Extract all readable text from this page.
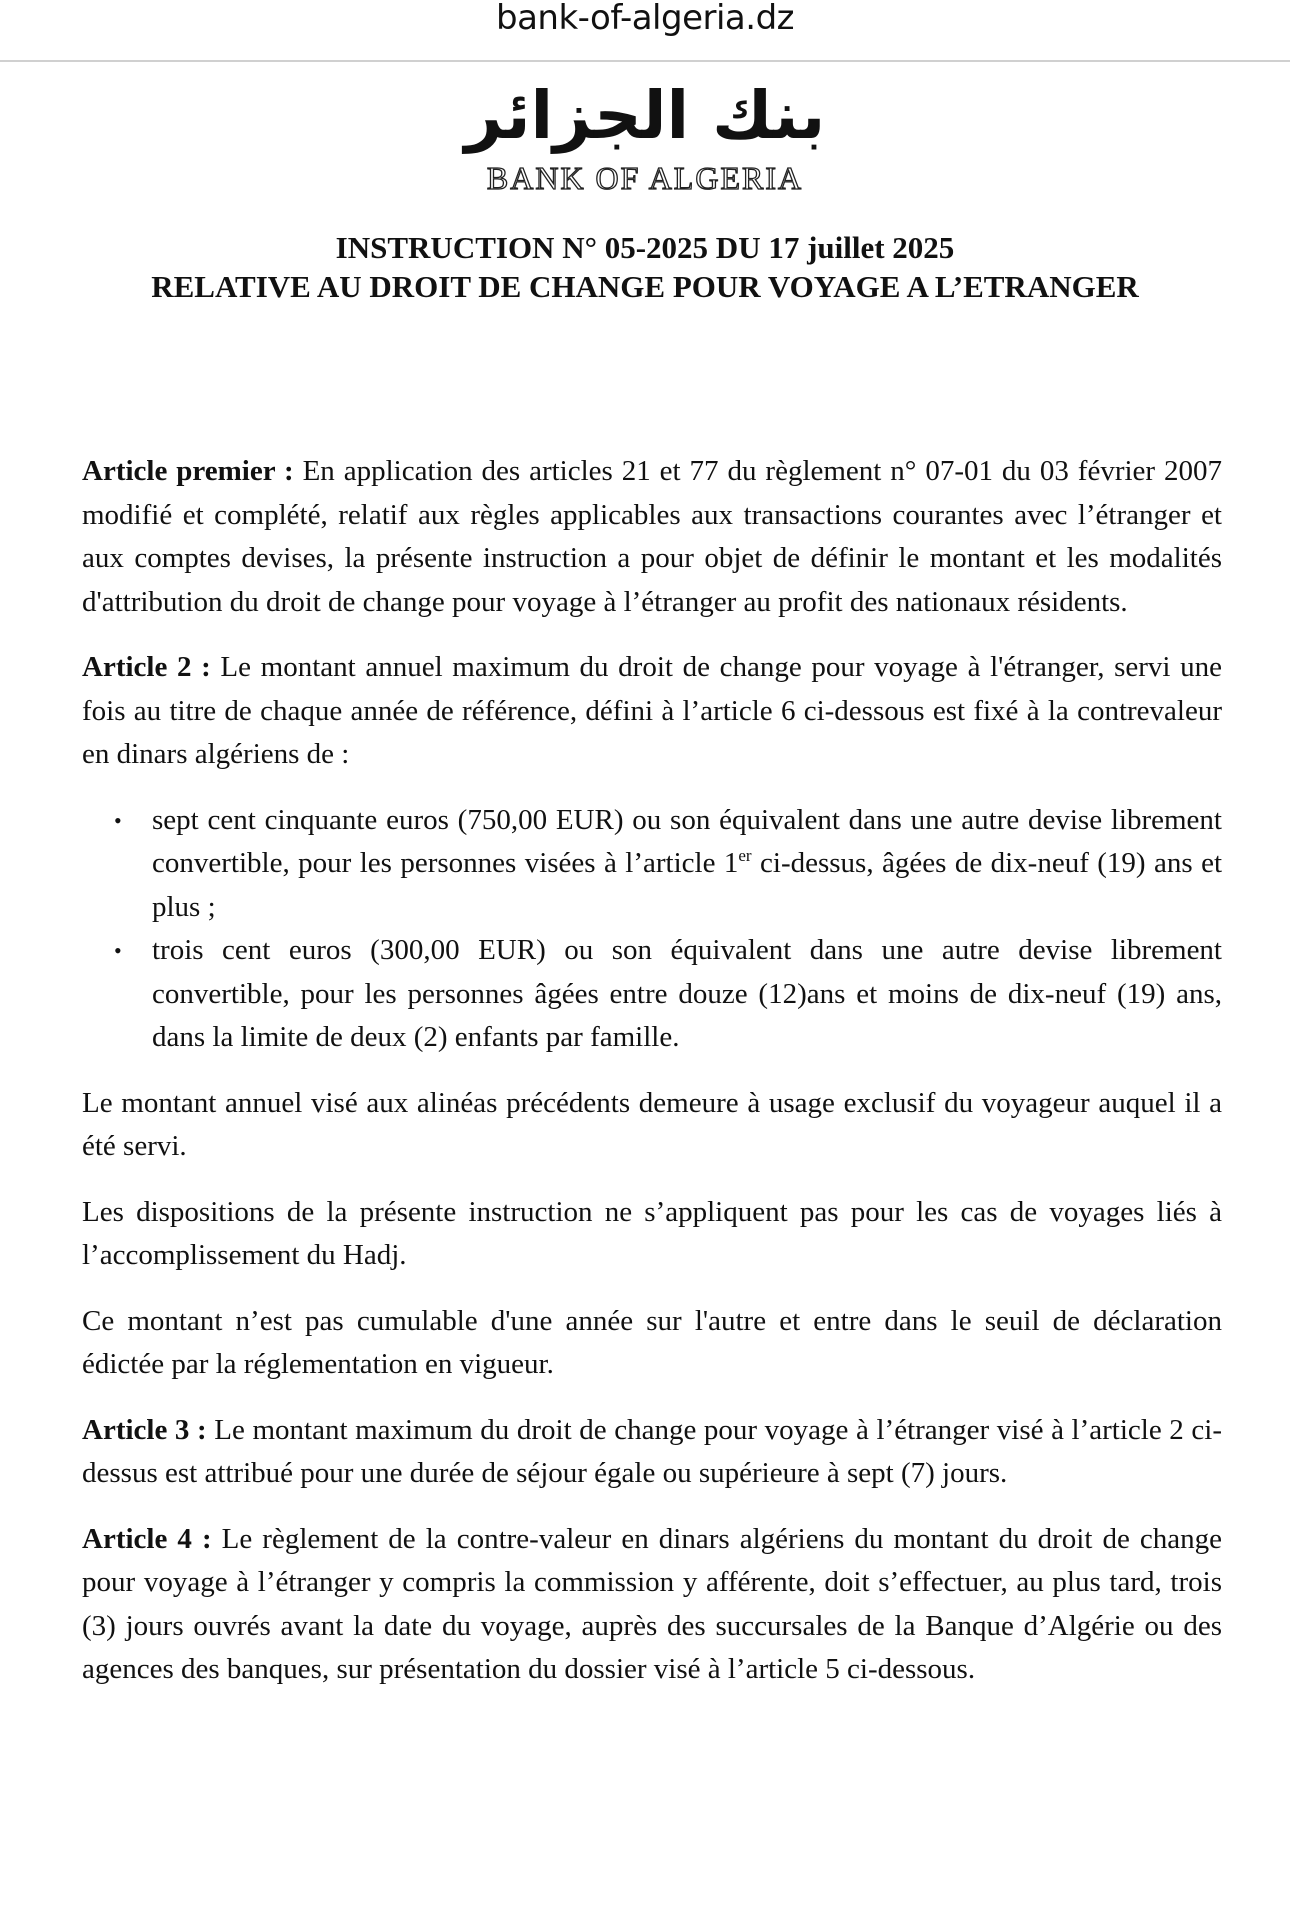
bank-of-algeria.dz
بنك الجزائر
BANK OF ALGERIA
INSTRUCTION N° 05-2025 DU 17 juillet 2025
RELATIVE AU DROIT DE CHANGE POUR VOYAGE A L’ETRANGER

Article premier : En application des articles 21 et 77 du règlement n° 07-01 du 03 février 2007 modifié et complété, relatif aux règles applicables aux transactions courantes avec l’étranger et aux comptes devises, la présente instruction a pour objet de définir le montant et les modalités d'attribution du droit de change pour voyage à l’étranger au profit des nationaux résidents.

Article 2 : Le montant annuel maximum du droit de change pour voyage à l'étranger, servi une fois au titre de chaque année de référence, défini à l’article 6 ci-dessous est fixé à la contrevaleur en dinars algériens de :

• sept cent cinquante euros (750,00 EUR) ou son équivalent dans une autre devise librement convertible, pour les personnes visées à l’article 1er ci-dessus, âgées de dix-neuf (19) ans et plus ;
• trois cent euros (300,00 EUR) ou son équivalent dans une autre devise librement convertible, pour les personnes âgées entre douze (12)ans et moins de dix-neuf (19) ans, dans la limite de deux (2) enfants par famille.

Le montant annuel visé aux alinéas précédents demeure à usage exclusif du voyageur auquel il a été servi.

Les dispositions de la présente instruction ne s’appliquent pas pour les cas de voyages liés à l’accomplissement du Hadj.

Ce montant n’est pas cumulable d'une année sur l'autre et entre dans le seuil de déclaration édictée par la réglementation en vigueur.

Article 3 : Le montant maximum du droit de change pour voyage à l’étranger visé à l’article 2 ci-dessus est attribué pour une durée de séjour égale ou supérieure à sept (7) jours.

Article 4 : Le règlement de la contre-valeur en dinars algériens du montant du droit de change pour voyage à l’étranger y compris la commission y afférente, doit s’effectuer, au plus tard, trois (3) jours ouvrés avant la date du voyage, auprès des succursales de la Banque d’Algérie ou des agences des banques, sur présentation du dossier visé à l’article 5 ci-dessous.
